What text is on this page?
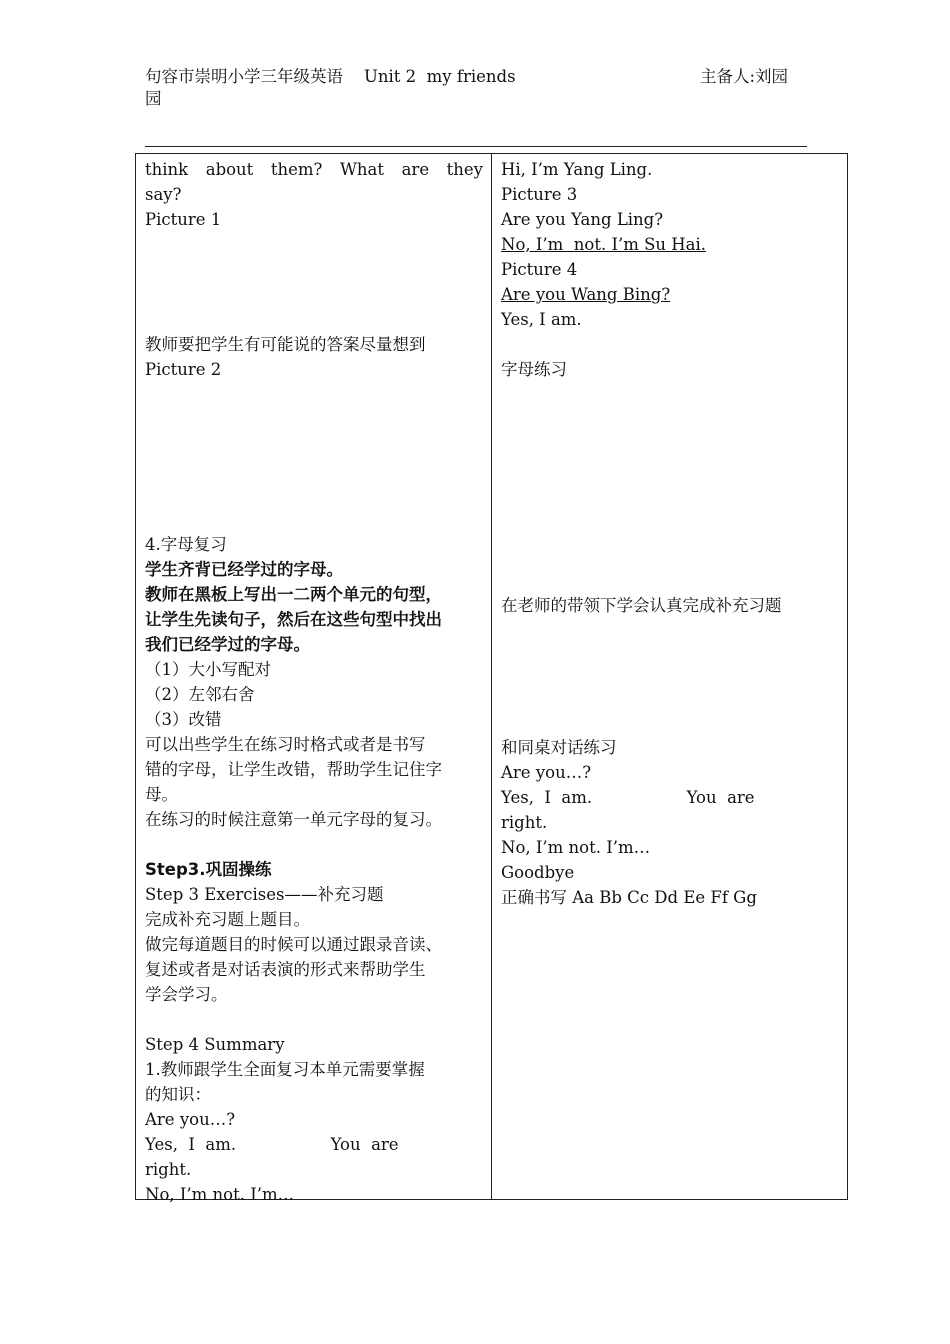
句容市崇明小学三年级英语    Unit 2  my friends	主备人:刘园
园
think  about  them?  What  are  they
say?
Picture 1
教师要把学生有可能说的答案尽量想到
Picture 2
4.字母复习
学生齐背已经学过的字母。
教师在黑板上写出一二两个单元的句型，
让学生先读句子，然后在这些句型中找出
我们已经学过的字母。
（1）大小写配对
（2）左邻右舍
（3）改错
可以出些学生在练习时格式或者是书写
错的字母，让学生改错，帮助学生记住字
母。
在练习的时候注意第一单元字母的复习。
Step3.巩固操练
Step 3 Exercises——补充习题
完成补充习题上题目。
做完每道题目的时候可以通过跟录音读、
复述或者是对话表演的形式来帮助学生
学会学习。
Step 4 Summary
1.教师跟学生全面复习本单元需要掌握
的知识：
Are you…?
Yes,  I  am.                  You  are
right.
No, I’m not. I’m…
Hi, I’m Yang Ling.
Picture 3
Are you Yang Ling?
No, I’m  not. I’m Su Hai.
Picture 4
Are you Wang Bing?
Yes, I am.
字母练习
在老师的带领下学会认真完成补充习题
和同桌对话练习
Are you…?
Yes,  I  am.                  You  are
right.
No, I’m not. I’m…
Goodbye
正确书写 Aa Bb Cc Dd Ee Ff Gg
